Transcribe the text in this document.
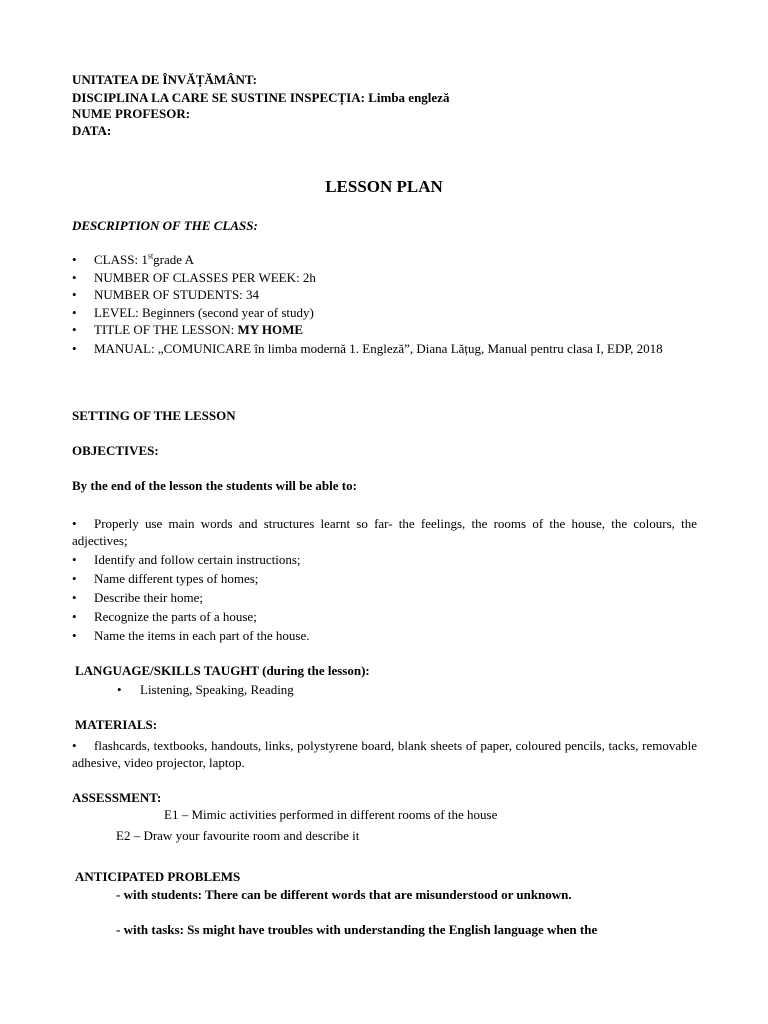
UNITATEA DE ÎNVĂȚĂMÂNT:
DISCIPLINA LA CARE SE SUSTINE INSPECȚIA: Limba engleză
NUME PROFESOR:
DATA:
LESSON PLAN
DESCRIPTION OF THE CLASS:
• CLASS: 1stgrade A
• NUMBER OF CLASSES PER WEEK: 2h
• NUMBER OF STUDENTS: 34
• LEVEL: Beginners (second year of study)
• TITLE OF THE LESSON: MY HOME
• MANUAL: „COMUNICARE în limba modernă 1. Engleză”, Diana Lățug, Manual pentru clasa I, EDP, 2018
SETTING OF THE LESSON
OBJECTIVES:
By the end of the lesson the students will be able to:
• Properly use main words and structures learnt so far- the feelings, the rooms of the house, the colours, the adjectives;
• Identify and follow certain instructions;
• Name different types of homes;
• Describe their home;
• Recognize the parts of a house;
• Name the items in each part of the house.
LANGUAGE/SKILLS TAUGHT (during the lesson):
• Listening, Speaking, Reading
MATERIALS:
• flashcards, textbooks, handouts, links, polystyrene board, blank sheets of paper, coloured pencils, tacks, removable adhesive, video projector, laptop.
ASSESSMENT:
E1 – Mimic activities performed in different rooms of the house
E2 – Draw your favourite room and describe it
ANTICIPATED PROBLEMS
- with students: There can be different words that are misunderstood or unknown.
- with tasks: Ss might have troubles with understanding the English language when the
